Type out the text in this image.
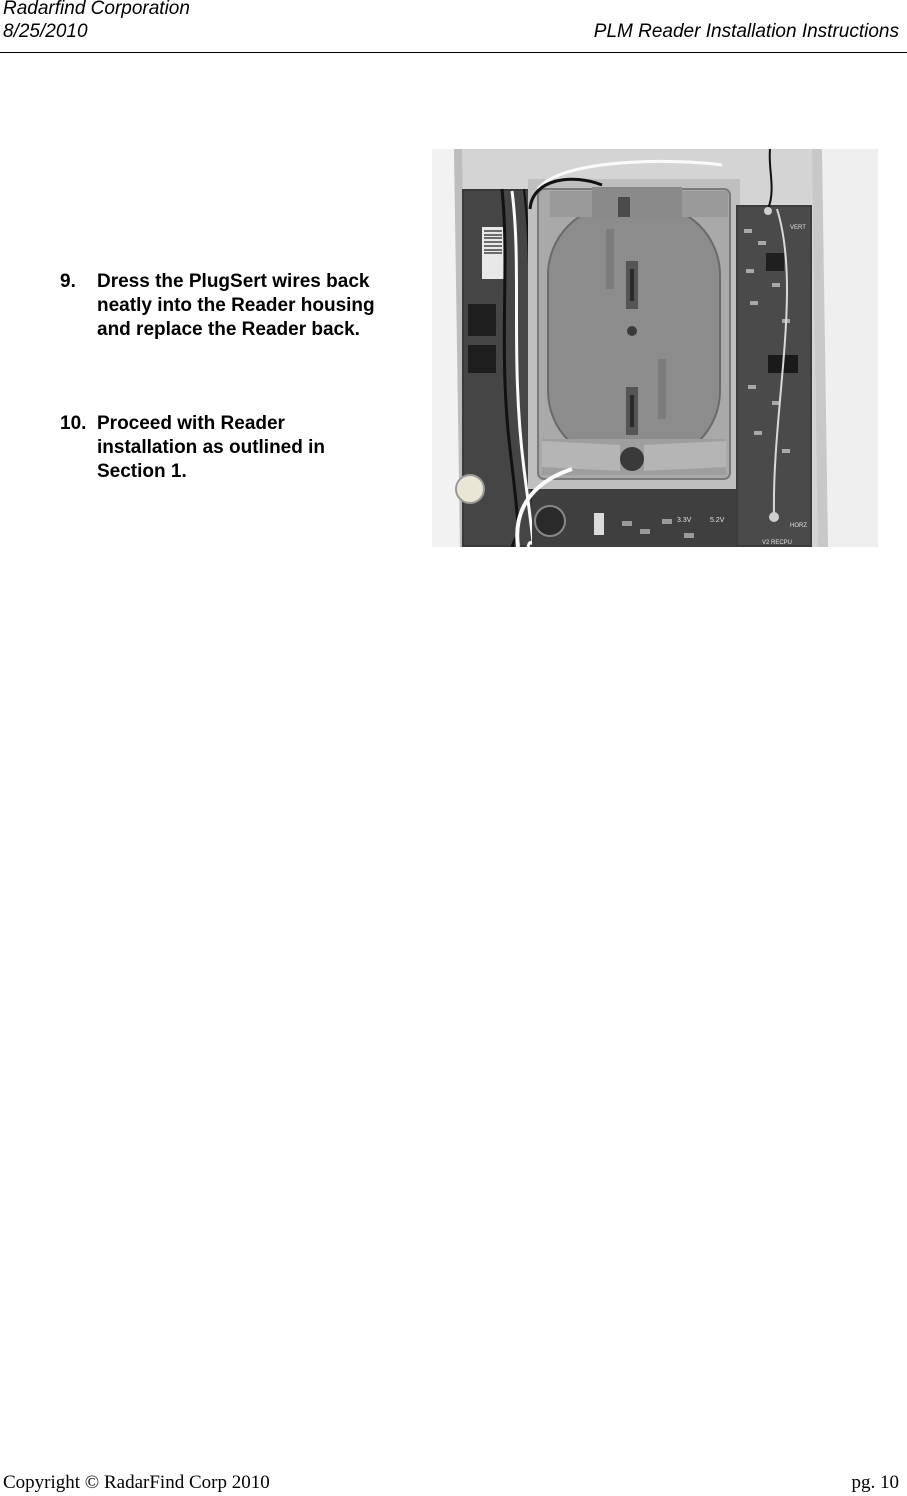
Radarfind Corporation
8/25/2010	PLM Reader Installation Instructions
9. Dress the PlugSert wires back neatly into the Reader housing and replace the Reader back.
10. Proceed with Reader installation as outlined in Section 1.
3.3V	5.2V
VERT
HORZ
V2 RECPU
Copyright © RadarFind Corp 2010	pg. 10
